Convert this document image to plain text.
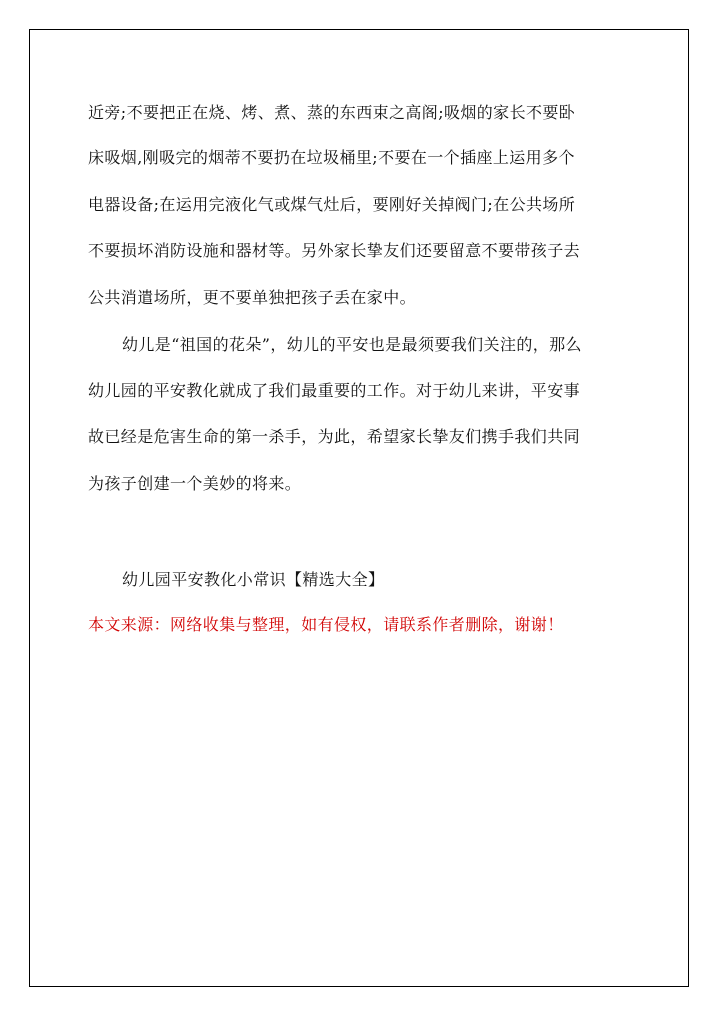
近旁;不要把正在烧、烤、煮、蒸的东西束之高阁;吸烟的家长不要卧
床吸烟,刚吸完的烟蒂不要扔在垃圾桶里;不要在一个插座上运用多个
电器设备;在运用完液化气或煤气灶后，要刚好关掉阀门;在公共场所
不要损坏消防设施和器材等。另外家长挚友们还要留意不要带孩子去
公共消遣场所，更不要单独把孩子丢在家中。
幼儿是“祖国的花朵”，幼儿的平安也是最须要我们关注的，那么
幼儿园的平安教化就成了我们最重要的工作。对于幼儿来讲，平安事
故已经是危害生命的第一杀手，为此，希望家长挚友们携手我们共同
为孩子创建一个美妙的将来。
幼儿园平安教化小常识【精选大全】
本文来源：网络收集与整理，如有侵权，请联系作者删除，谢谢！
